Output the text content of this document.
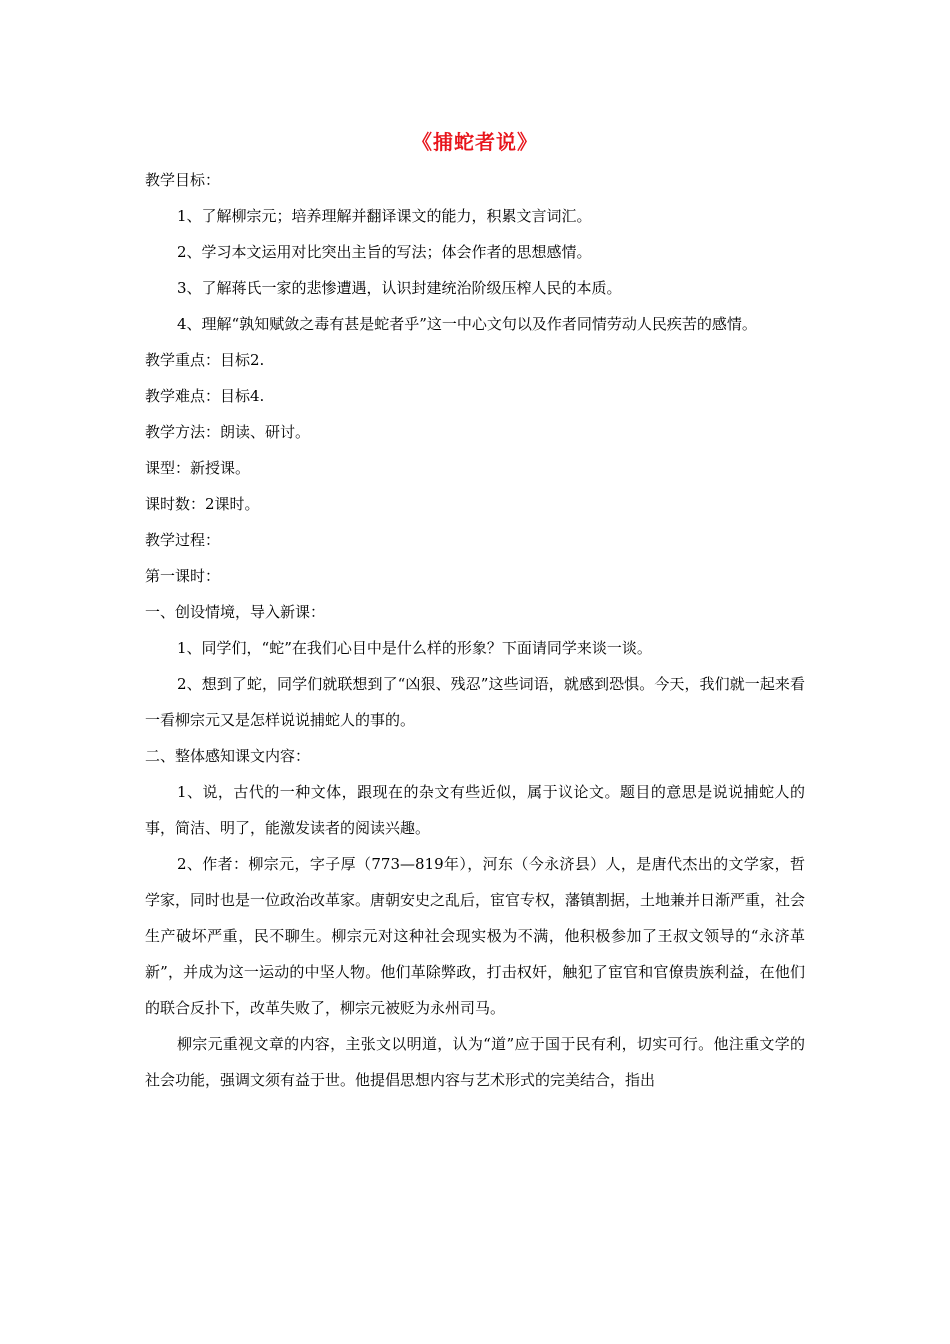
《捕蛇者说》
教学目标：
1、了解柳宗元；培养理解并翻译课文的能力，积累文言词汇。
2、学习本文运用对比突出主旨的写法；体会作者的思想感情。
3、了解蒋氏一家的悲惨遭遇，认识封建统治阶级压榨人民的本质。
4、理解“孰知赋敛之毒有甚是蛇者乎”这一中心文句以及作者同情劳动人民疾苦的感情。
教学重点：目标2.
教学难点：目标4.
教学方法：朗读、研讨。
课型：新授课。
课时数：2课时。
教学过程：
第一课时：
一、创设情境，导入新课：
1、同学们，“蛇”在我们心目中是什么样的形象？下面请同学来谈一谈。
2、想到了蛇，同学们就联想到了“凶狠、残忍”这些词语，就感到恐惧。今天，我们就一起来看一看柳宗元又是怎样说说捕蛇人的事的。
二、整体感知课文内容：
1、说，古代的一种文体，跟现在的杂文有些近似，属于议论文。题目的意思是说说捕蛇人的事，简洁、明了，能激发读者的阅读兴趣。
2、作者：柳宗元，字子厚（773—819年），河东（今永济县）人，是唐代杰出的文学家，哲学家，同时也是一位政治改革家。唐朝安史之乱后，宦官专权，藩镇割据，土地兼并日渐严重，社会生产破坏严重，民不聊生。柳宗元对这种社会现实极为不满，他积极参加了王叔文领导的“永济革新”，并成为这一运动的中坚人物。他们革除弊政，打击权奸，触犯了宦官和官僚贵族利益，在他们的联合反扑下，改革失败了，柳宗元被贬为永州司马。
柳宗元重视文章的内容，主张文以明道，认为“道”应于国于民有利，切实可行。他注重文学的社会功能，强调文须有益于世。他提倡思想内容与艺术形式的完美结合，指出
